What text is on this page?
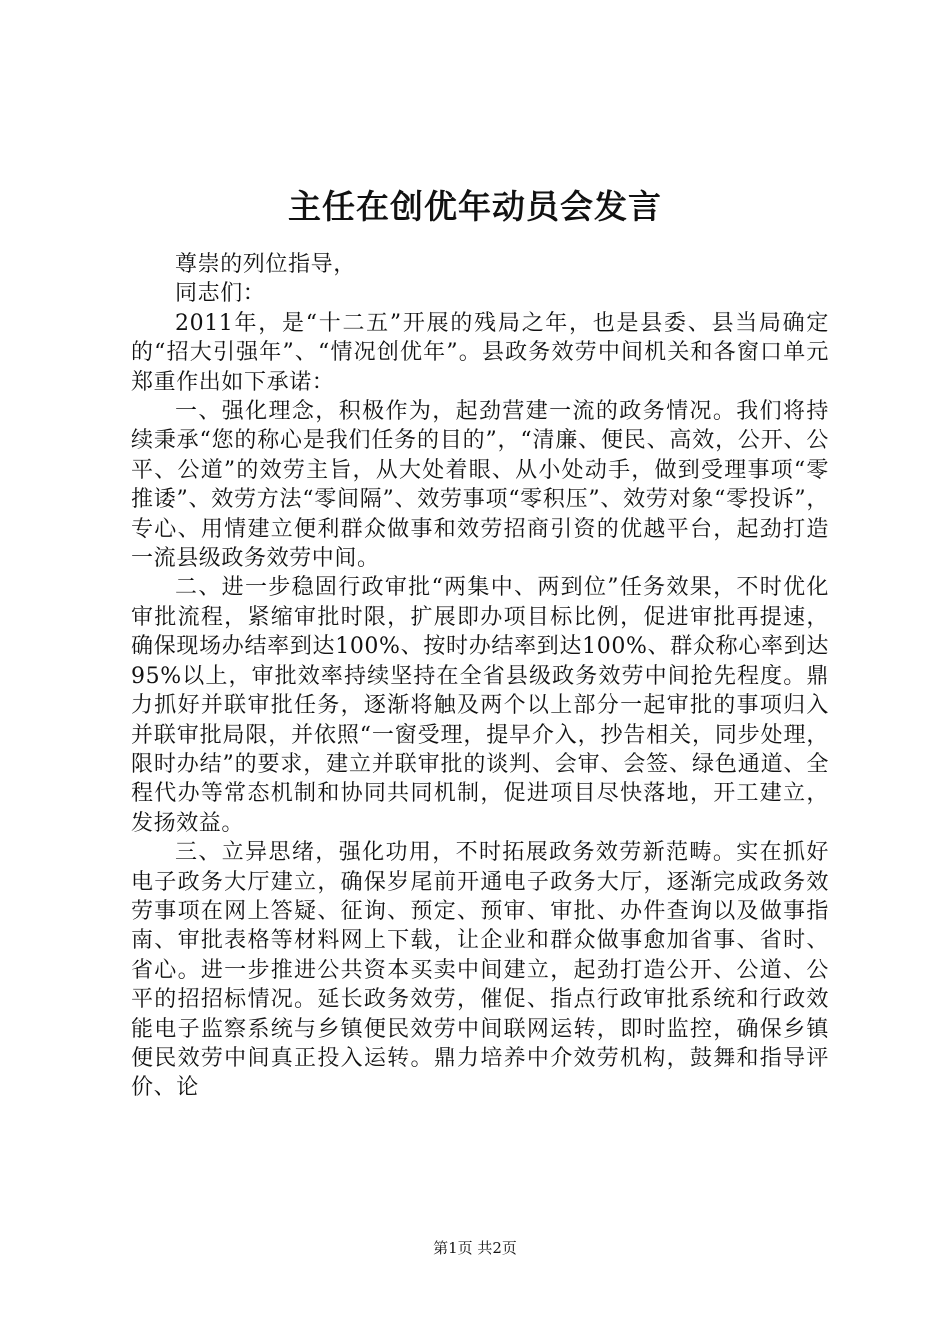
主任在创优年动员会发言

尊崇的列位指导，

同志们：

2011年，是“十二五”开展的残局之年，也是县委、县当局确定的“招大引强年”、“情况创优年”。县政务效劳中间机关和各窗口单元郑重作出如下承诺：

一、强化理念，积极作为，起劲营建一流的政务情况。我们将持续秉承“您的称心是我们任务的目的”，“清廉、便民、高效，公开、公平、公道”的效劳主旨，从大处着眼、从小处动手，做到受理事项“零推诿”、效劳方法“零间隔”、效劳事项“零积压”、效劳对象“零投诉”，专心、用情建立便利群众做事和效劳招商引资的优越平台，起劲打造一流县级政务效劳中间。

二、进一步稳固行政审批“两集中、两到位”任务效果，不时优化审批流程，紧缩审批时限，扩展即办项目标比例，促进审批再提速，确保现场办结率到达100%、按时办结率到达100%、群众称心率到达95%以上，审批效率持续坚持在全省县级政务效劳中间抢先程度。鼎力抓好并联审批任务，逐渐将触及两个以上部分一起审批的事项归入并联审批局限，并依照“一窗受理，提早介入，抄告相关，同步处理，限时办结”的要求，建立并联审批的谈判、会审、会签、绿色通道、全程代办等常态机制和协同共同机制，促进项目尽快落地，开工建立，发扬效益。

三、立异思绪，强化功用，不时拓展政务效劳新范畴。实在抓好电子政务大厅建立，确保岁尾前开通电子政务大厅，逐渐完成政务效劳事项在网上答疑、征询、预定、预审、审批、办件查询以及做事指南、审批表格等材料网上下载，让企业和群众做事愈加省事、省时、省心。进一步推进公共资本买卖中间建立，起劲打造公开、公道、公平的招招标情况。延长政务效劳，催促、指点行政审批系统和行政效能电子监察系统与乡镇便民效劳中间联网运转，即时监控，确保乡镇便民效劳中间真正投入运转。鼎力培养中介效劳机构，鼓舞和指导评价、论

第1页 共2页
